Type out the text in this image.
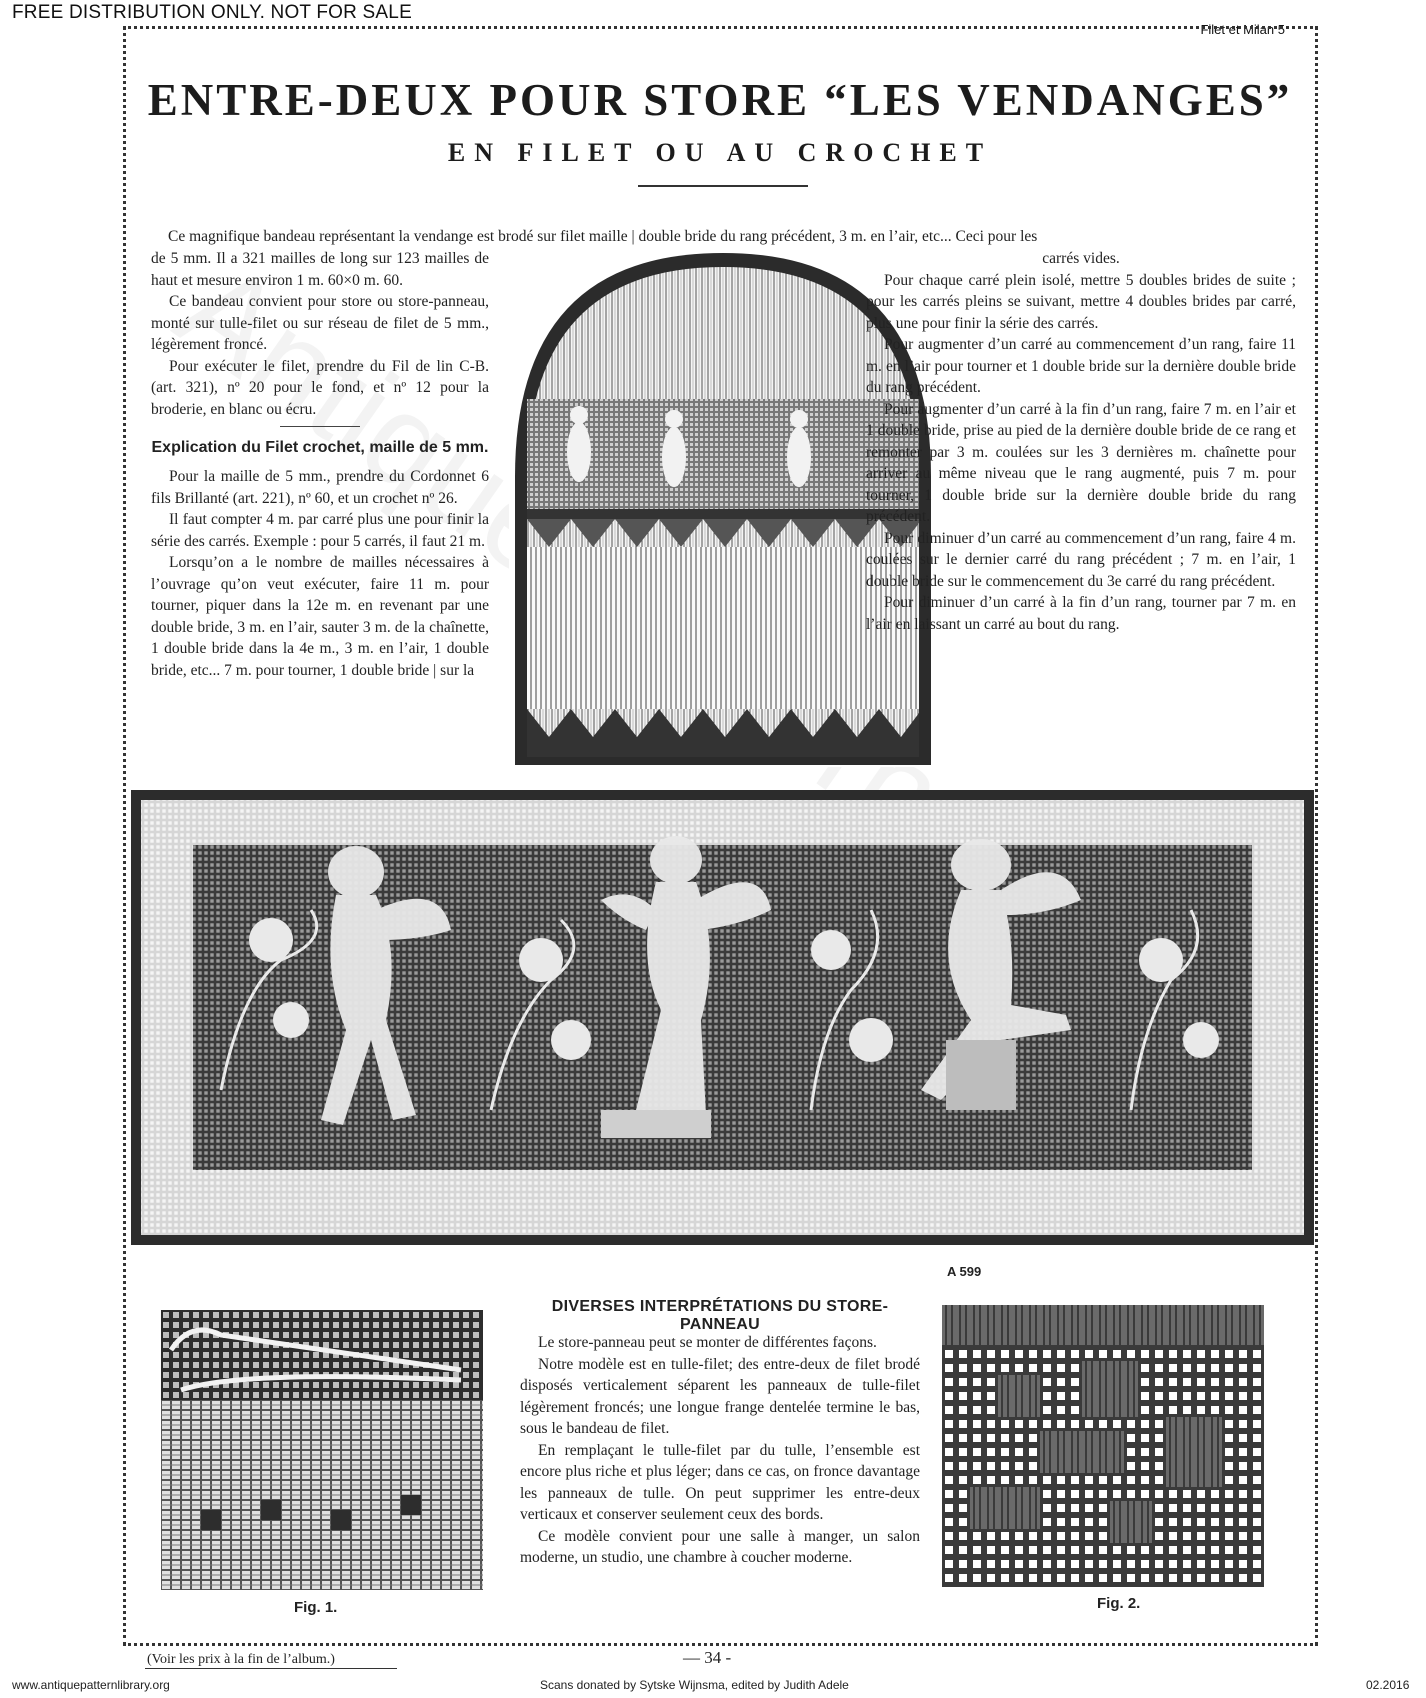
FREE DISTRIBUTION ONLY. NOT FOR SALE
Filet et Milan 5
ENTRE-DEUX POUR STORE “LES VENDANGES”
EN FILET OU AU CROCHET
Ce magnifique bandeau représentant la vendange est brodé sur filet maille | double bride du rang précédent, 3 m. en l’air, etc... Ceci pour les

de 5 mm. Il a 321 mailles de long sur 123 mailles de haut et mesure environ 1 m. 60×0 m. 60.

Ce bandeau convient pour store ou store-panneau, monté sur tulle-filet ou sur réseau de filet de 5 mm., légèrement froncé.

Pour exécuter le filet, prendre du Fil de lin C-B. (art. 321), nº 20 pour le fond, et nº 12 pour la broderie, en blanc ou écru.

Explication du Filet crochet, maille de 5 mm.

Pour la maille de 5 mm., prendre du Cordonnet 6 fils Brillanté (art. 221), nº 60, et un crochet nº 26.

Il faut compter 4 m. par carré plus une pour finir la série des carrés. Exemple : pour 5 carrés, il faut 21 m.

Lorsqu’on a le nombre de mailles nécessaires à l’ouvrage qu’on veut exécuter, faire 11 m. pour tourner, piquer dans la 12e m. en revenant par une double bride, 3 m. en l’air, sauter 3 m. de la chaînette, 1 double bride dans la 4e m., 3 m. en l’air, 1 double bride, etc... 7 m. pour tourner, 1 double bride | sur la

carrés vides.

Pour chaque carré plein isolé, mettre 5 doubles brides de suite ; pour les carrés pleins se suivant, mettre 4 doubles brides par carré, plus une pour finir la série des carrés.

Pour augmenter d’un carré au commencement d’un rang, faire 11 m. en l’air pour tourner et 1 double bride sur la dernière double bride du rang précédent.

Pour augmenter d’un carré à la fin d’un rang, faire 7 m. en l’air et 1 double bride, prise au pied de la dernière double bride de ce rang et remonter par 3 m. coulées sur les 3 dernières m. chaînette pour arriver au même niveau que le rang augmenté, puis 7 m. pour tourner, 1 double bride sur la dernière double bride du rang précédent.

Pour diminuer d’un carré au commencement d’un rang, faire 4 m. coulées sur le dernier carré du rang précédent ; 7 m. en l’air, 1 double bride sur le commencement du 3e carré du rang précédent.

Pour diminuer d’un carré à la fin d’un rang, tourner par 7 m. en l’air en laissant un carré au bout du rang.

A 599
DIVERSES INTERPRÉTATIONS DU STORE-PANNEAU

Le store-panneau peut se monter de différentes façons.

Notre modèle est en tulle-filet; des entre-deux de filet brodé disposés verticalement séparent les panneaux de tulle-filet légèrement froncés; une longue frange dentelée termine le bas, sous le bandeau de filet.

En remplaçant le tulle-filet par du tulle, l’ensemble est encore plus riche et plus léger; dans ce cas, on fronce davantage les panneaux de tulle. On peut supprimer les entre-deux verticaux et conserver seulement ceux des bords.

Ce modèle convient pour une salle à manger, un salon moderne, un studio, une chambre à coucher moderne.

Fig. 1.	Fig. 2.
(Voir les prix à la fin de l’album.)	— 34 -
www.antiquepatternlibrary.org	Scans donated by Sytske Wijnsma, edited by Judith Adele	02.2016
